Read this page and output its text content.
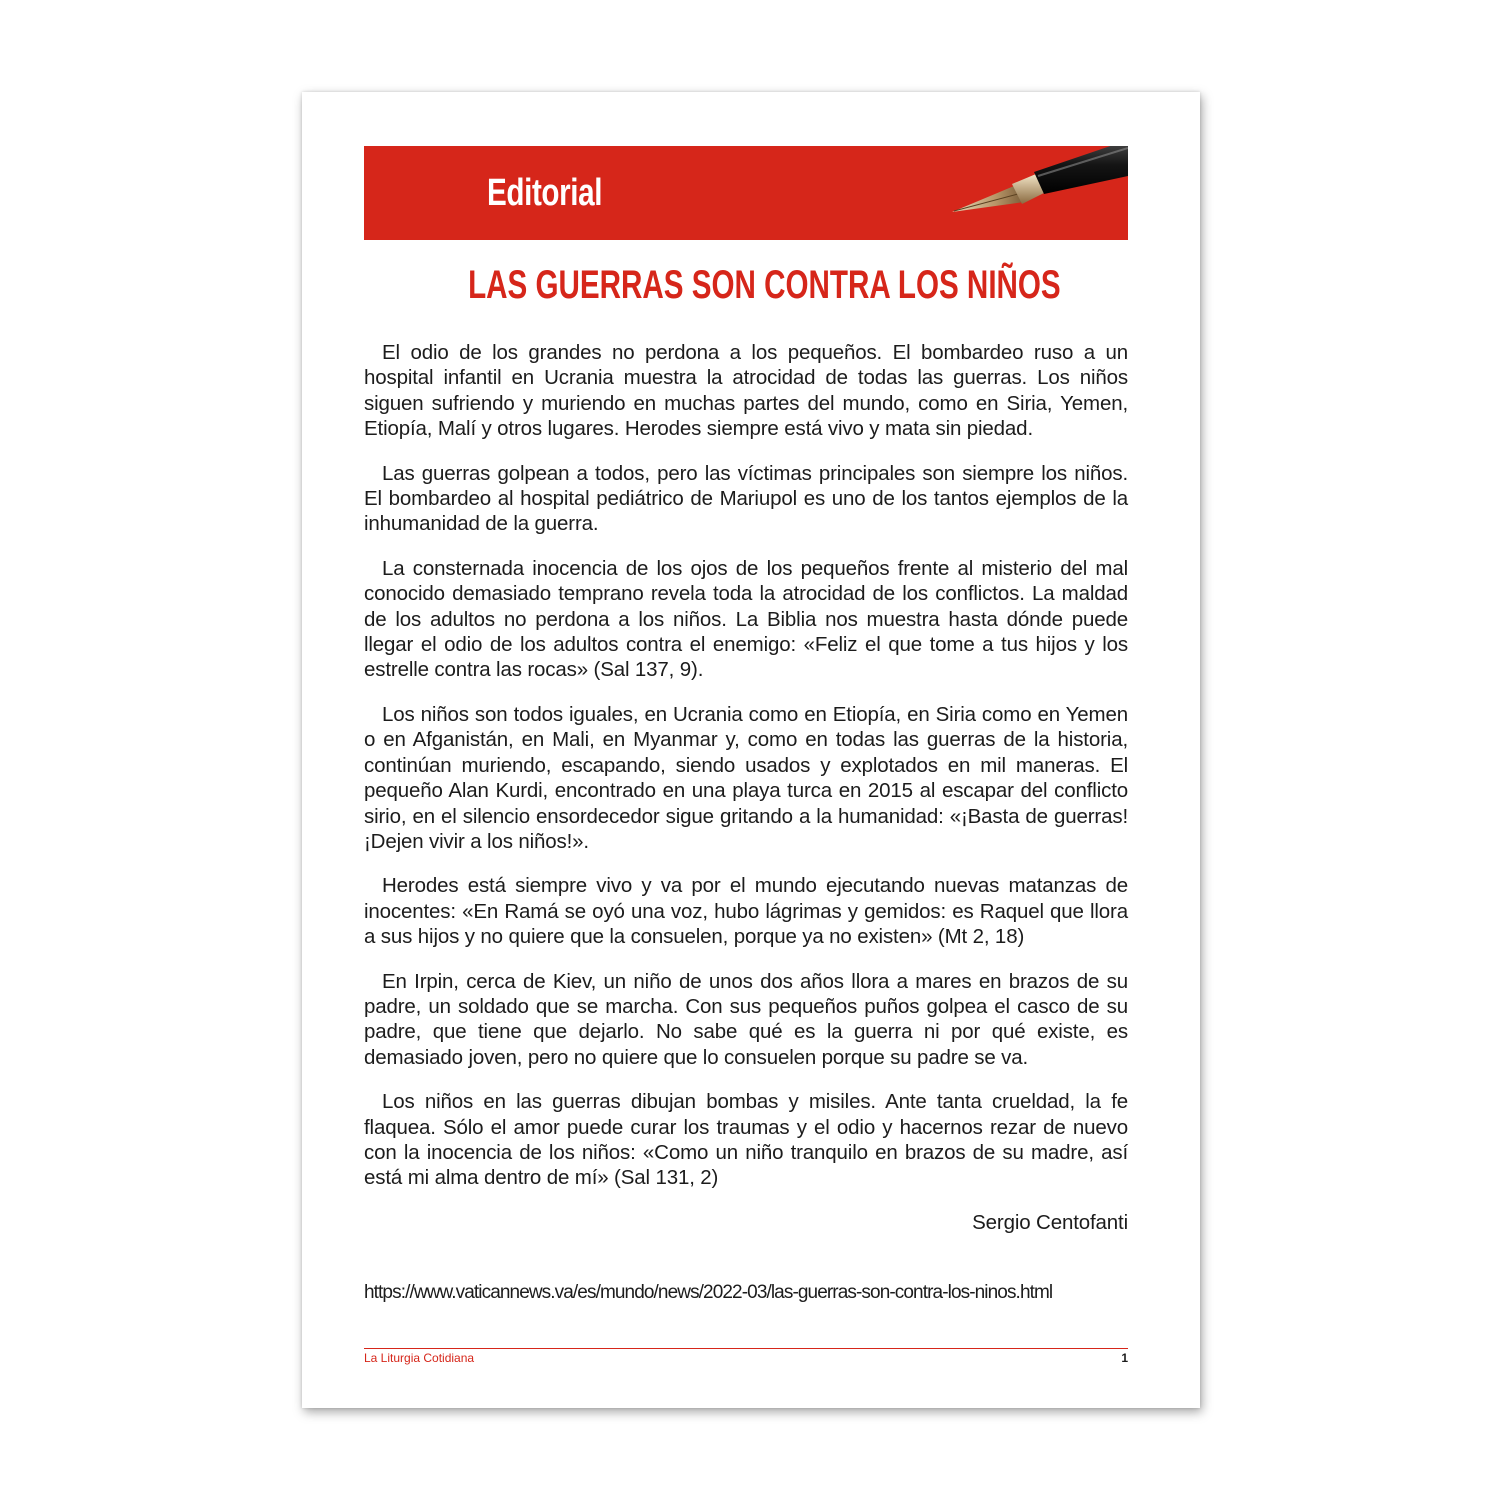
Editorial
LAS GUERRAS SON CONTRA LOS NIÑOS

El odio de los grandes no perdona a los pequeños. El bombardeo ruso a un hospital infantil en Ucrania muestra la atrocidad de todas las guerras. Los niños siguen sufriendo y muriendo en muchas partes del mundo, como en Siria, Yemen, Etiopía, Malí y otros lugares. Herodes siempre está vivo y mata sin piedad.

Las guerras golpean a todos, pero las víctimas principales son siempre los niños. El bombardeo al hospital pediátrico de Mariupol es uno de los tantos ejemplos de la inhumanidad de la guerra.

La consternada inocencia de los ojos de los pequeños frente al misterio del mal conocido demasiado temprano revela toda la atrocidad de los conflictos. La maldad de los adultos no perdona a los niños. La Biblia nos muestra hasta dónde puede llegar el odio de los adultos contra el enemigo: «Feliz el que tome a tus hijos y los estrelle contra las rocas» (Sal 137, 9).

Los niños son todos iguales, en Ucrania como en Etiopía, en Siria como en Yemen o en Afganistán, en Mali, en Myanmar y, como en todas las guerras de la historia, continúan muriendo, escapando, siendo usados y explotados en mil maneras. El pequeño Alan Kurdi, encontrado en una playa turca en 2015 al escapar del conflicto sirio, en el silencio ensordecedor sigue gritando a la humanidad: «¡Basta de guerras! ¡Dejen vivir a los niños!».

Herodes está siempre vivo y va por el mundo ejecutando nuevas matanzas de inocentes: «En Ramá se oyó una voz, hubo lágrimas y gemidos: es Raquel que llora a sus hijos y no quiere que la consuelen, porque ya no existen» (Mt 2, 18)

En Irpin, cerca de Kiev, un niño de unos dos años llora a mares en brazos de su padre, un soldado que se marcha. Con sus pequeños puños golpea el casco de su padre, que tiene que dejarlo. No sabe qué es la guerra ni por qué existe, es demasiado joven, pero no quiere que lo consuelen porque su padre se va.

Los niños en las guerras dibujan bombas y misiles. Ante tanta crueldad, la fe flaquea. Sólo el amor puede curar los traumas y el odio y hacernos rezar de nuevo con la inocencia de los niños: «Como un niño tranquilo en brazos de su madre, así está mi alma dentro de mí» (Sal 131, 2)

Sergio Centofanti
https://www.vaticannews.va/es/mundo/news/2022-03/las-guerras-son-contra-los-ninos.html
La Liturgia Cotidiana	1
